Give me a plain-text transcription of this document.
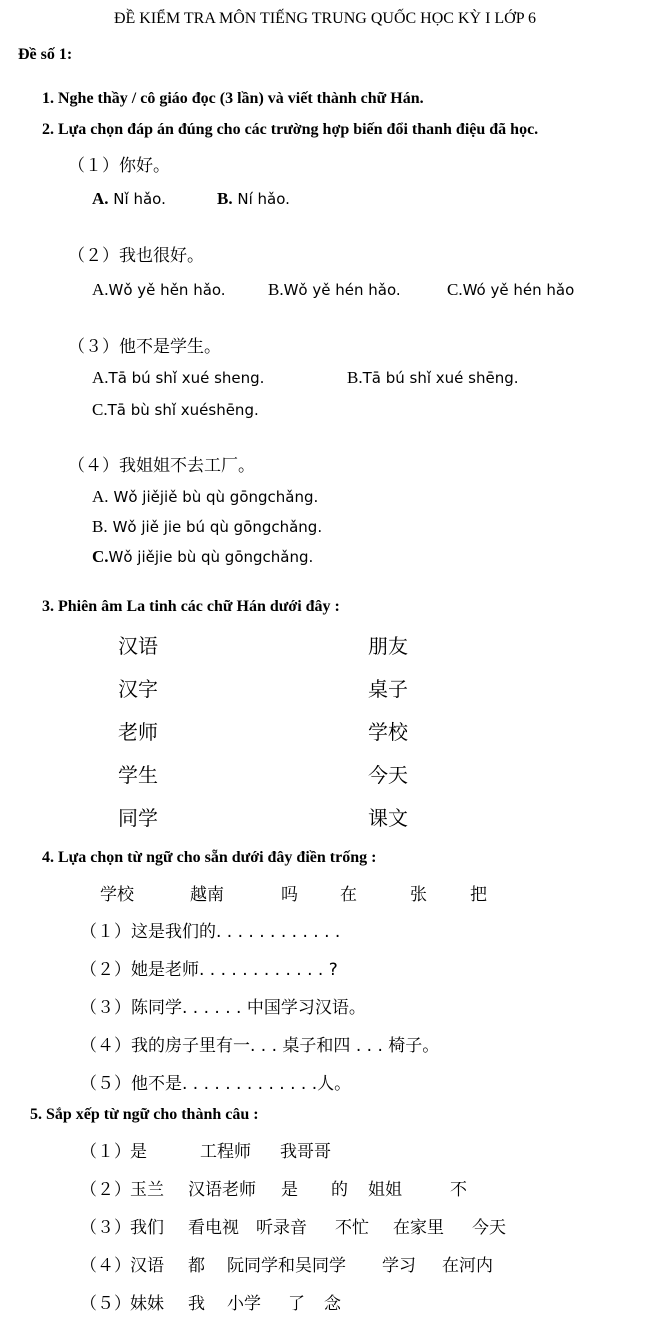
ĐỀ KIỂM TRA MÔN TIẾNG TRUNG QUỐC HỌC KỲ I LỚP 6
Đề số 1:
1. Nghe thầy / cô giáo đọc (3 lần) và viết thành chữ Hán.
2. Lựa chọn đáp án đúng cho các trường hợp biến đổi thanh điệu đã học.
（１）你好。
A. Nǐ hǎo.	B. Ní hǎo.
（２）我也很好。
A.Wǒ yě hěn hǎo. B.Wǒ yě hén hǎo.	C.Wó yě hén hǎo
（３）他不是学生。
A.Tā bú shǐ xué sheng.	B.Tā bú shǐ xué shēng.
C.Tā bù shǐ xuéshēng.
（４）我姐姐不去工厂。
A. Wǒ jiějiě bù qù gōngchǎng.
B. Wǒ jiě jie bú qù gōngchǎng.
C.Wǒ jiějie bù qù gōngchǎng.
3. Phiên âm La tinh các chữ Hán dưới đây :
汉语	朋友
汉字	桌子
老师	学校
学生	今天
同学	课文
4. Lựa chọn từ ngữ cho sẵn dưới đây điền trống :
学校	越南	吗 在	张	把
（１）这是我们的. . . . . . . . . . . .
（２）她是老师. . . . . . . . . . . . ?
（３）陈同学. . . . . . 中国学习汉语。
（４）我的房子里有一. . . 桌子和四 . . . 椅子。
（５）他不是. . . . . . . . . . . . .人。
5. Sắp xếp từ ngữ cho thành câu :
（１） 是	工程师 我哥哥
（２） 玉兰 汉语老师 是 的 姐姐	不
（３） 我们 看电视 听录音 不忙 在家里 今天
（４） 汉语 都 阮同学和吴同学 学习 在河内
（５） 妹妹 我 小学 了 念
